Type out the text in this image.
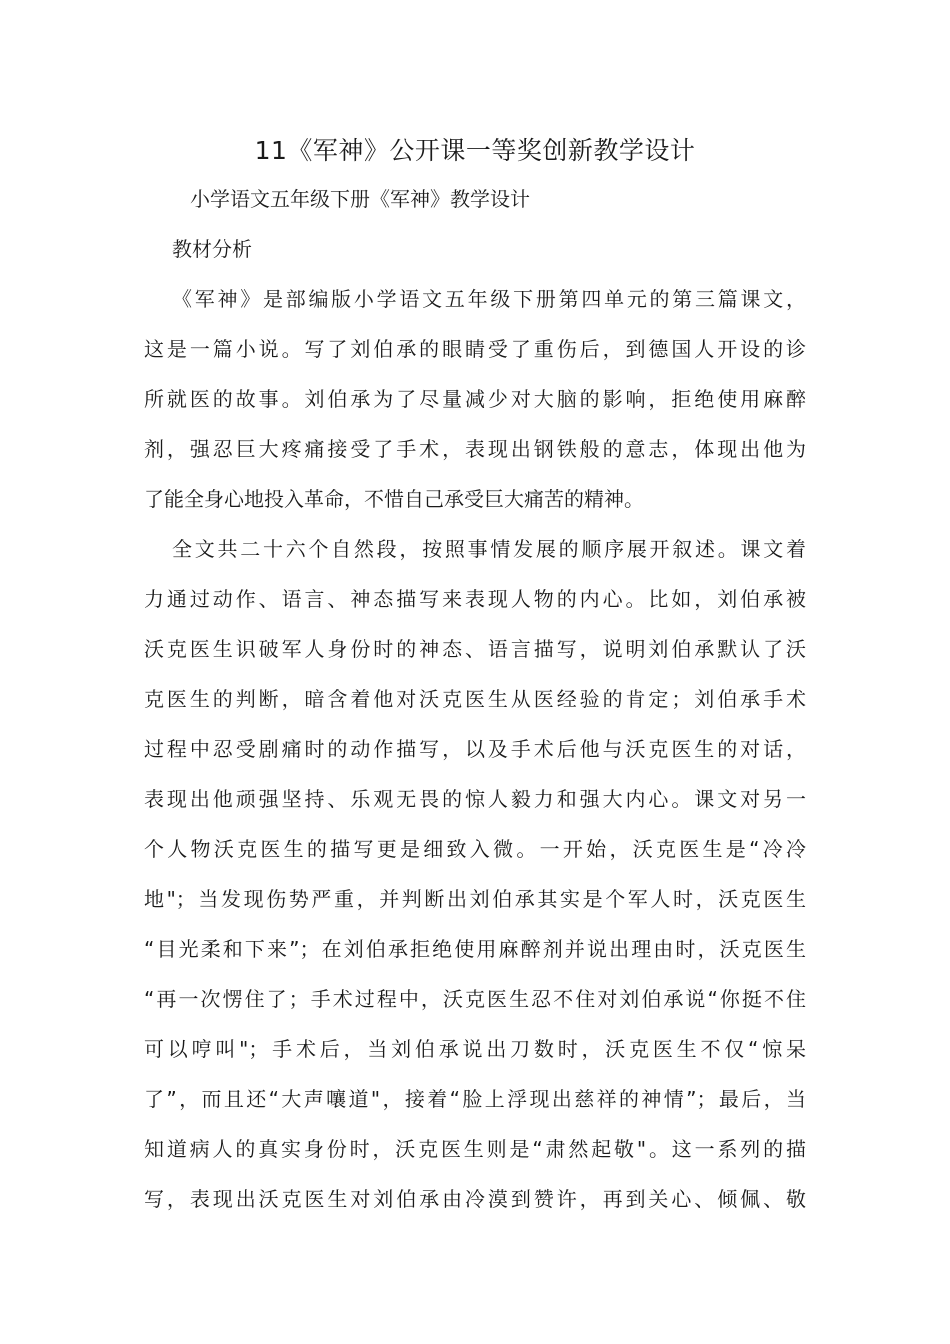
11《军神》公开课一等奖创新教学设计
小学语文五年级下册《军神》教学设计
教材分析
《军神》是部编版小学语文五年级下册第四单元的第三篇课文，
这是一篇小说。写了刘伯承的眼睛受了重伤后，到德国人开设的诊
所就医的故事。刘伯承为了尽量减少对大脑的影响，拒绝使用麻醉
剂，强忍巨大疼痛接受了手术，表现出钢铁般的意志，体现出他为
了能全身心地投入革命，不惜自己承受巨大痛苦的精神。
全文共二十六个自然段，按照事情发展的顺序展开叙述。课文着
力通过动作、语言、神态描写来表现人物的内心。比如，刘伯承被
沃克医生识破军人身份时的神态、语言描写，说明刘伯承默认了沃
克医生的判断，暗含着他对沃克医生从医经验的肯定；刘伯承手术
过程中忍受剧痛时的动作描写，以及手术后他与沃克医生的对话，
表现出他顽强坚持、乐观无畏的惊人毅力和强大内心。课文对另一
个人物沃克医生的描写更是细致入微。一开始，沃克医生是“冷冷
地"；当发现伤势严重，并判断出刘伯承其实是个军人时，沃克医生
“目光柔和下来”；在刘伯承拒绝使用麻醉剂并说出理由时，沃克医生
“再一次愣住了；手术过程中，沃克医生忍不住对刘伯承说“你挺不住
可以哼叫"；手术后，当刘伯承说出刀数时，沃克医生不仅“惊呆
了”，而且还“大声嚷道"，接着“脸上浮现出慈祥的神情”；最后，当
知道病人的真实身份时，沃克医生则是“肃然起敬"。这一系列的描
写，表现出沃克医生对刘伯承由冷漠到赞许，再到关心、倾佩、敬
